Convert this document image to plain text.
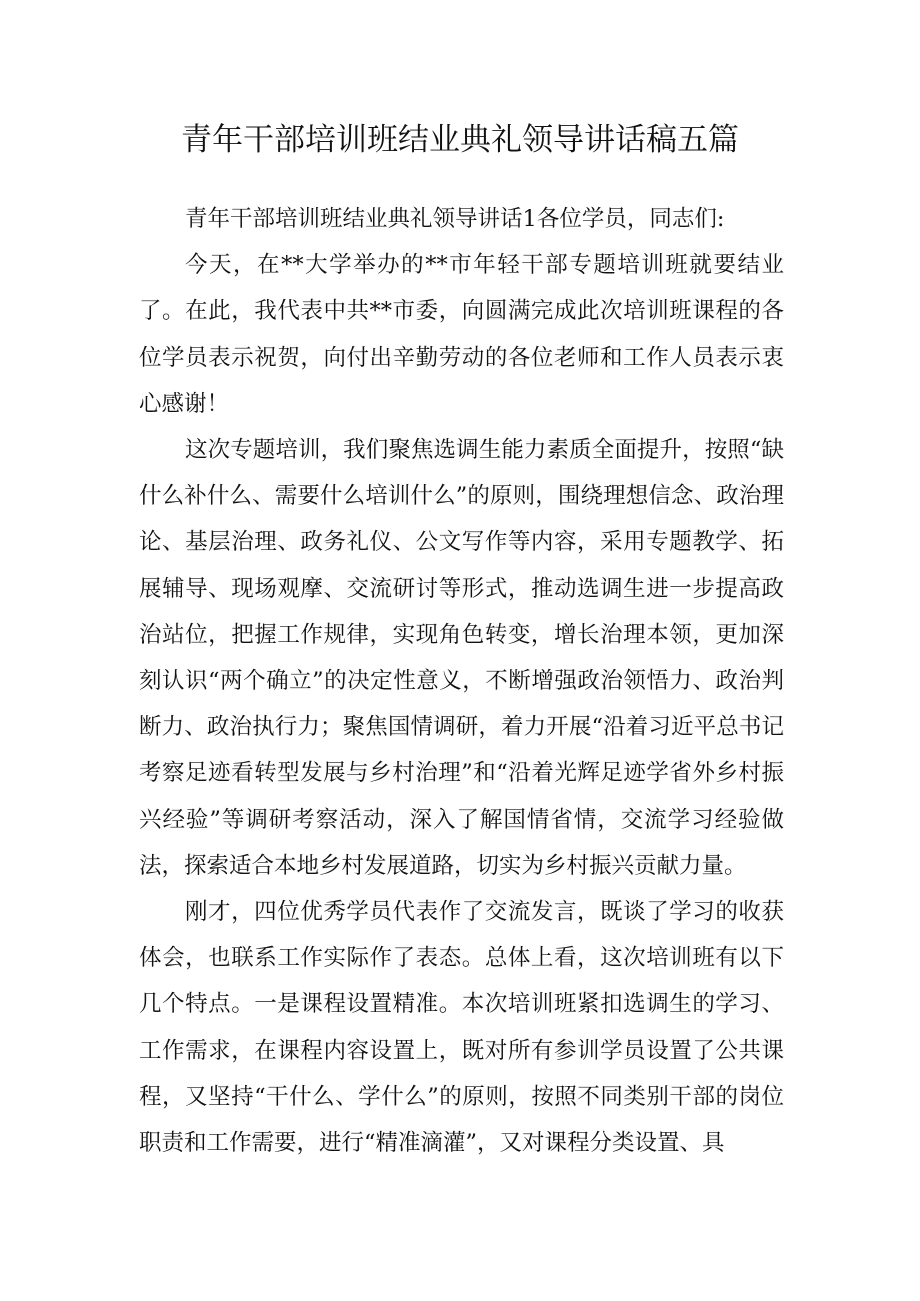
青年干部培训班结业典礼领导讲话稿五篇

青年干部培训班结业典礼领导讲话1各位学员，同志们:

今天，在**大学举办的**市年轻干部专题培训班就要结业了。在此，我代表中共**市委，向圆满完成此次培训班课程的各位学员表示祝贺，向付出辛勤劳动的各位老师和工作人员表示衷心感谢！

这次专题培训，我们聚焦选调生能力素质全面提升，按照“缺什么补什么、需要什么培训什么”的原则，围绕理想信念、政治理论、基层治理、政务礼仪、公文写作等内容，采用专题教学、拓展辅导、现场观摩、交流研讨等形式，推动选调生进一步提高政治站位，把握工作规律，实现角色转变，增长治理本领，更加深刻认识“两个确立”的决定性意义，不断增强政治领悟力、政治判断力、政治执行力；聚焦国情调研，着力开展“沿着习近平总书记考察足迹看转型发展与乡村治理”和“沿着光辉足迹学省外乡村振兴经验”等调研考察活动，深入了解国情省情，交流学习经验做法，探索适合本地乡村发展道路，切实为乡村振兴贡献力量。

刚才，四位优秀学员代表作了交流发言，既谈了学习的收获体会，也联系工作实际作了表态。总体上看，这次培训班有以下几个特点。一是课程设置精准。本次培训班紧扣选调生的学习、工作需求，在课程内容设置上，既对所有参训学员设置了公共课程，又坚持“干什么、学什么”的原则，按照不同类别干部的岗位职责和工作需要，进行“精准滴灌”，又对课程分类设置、具
